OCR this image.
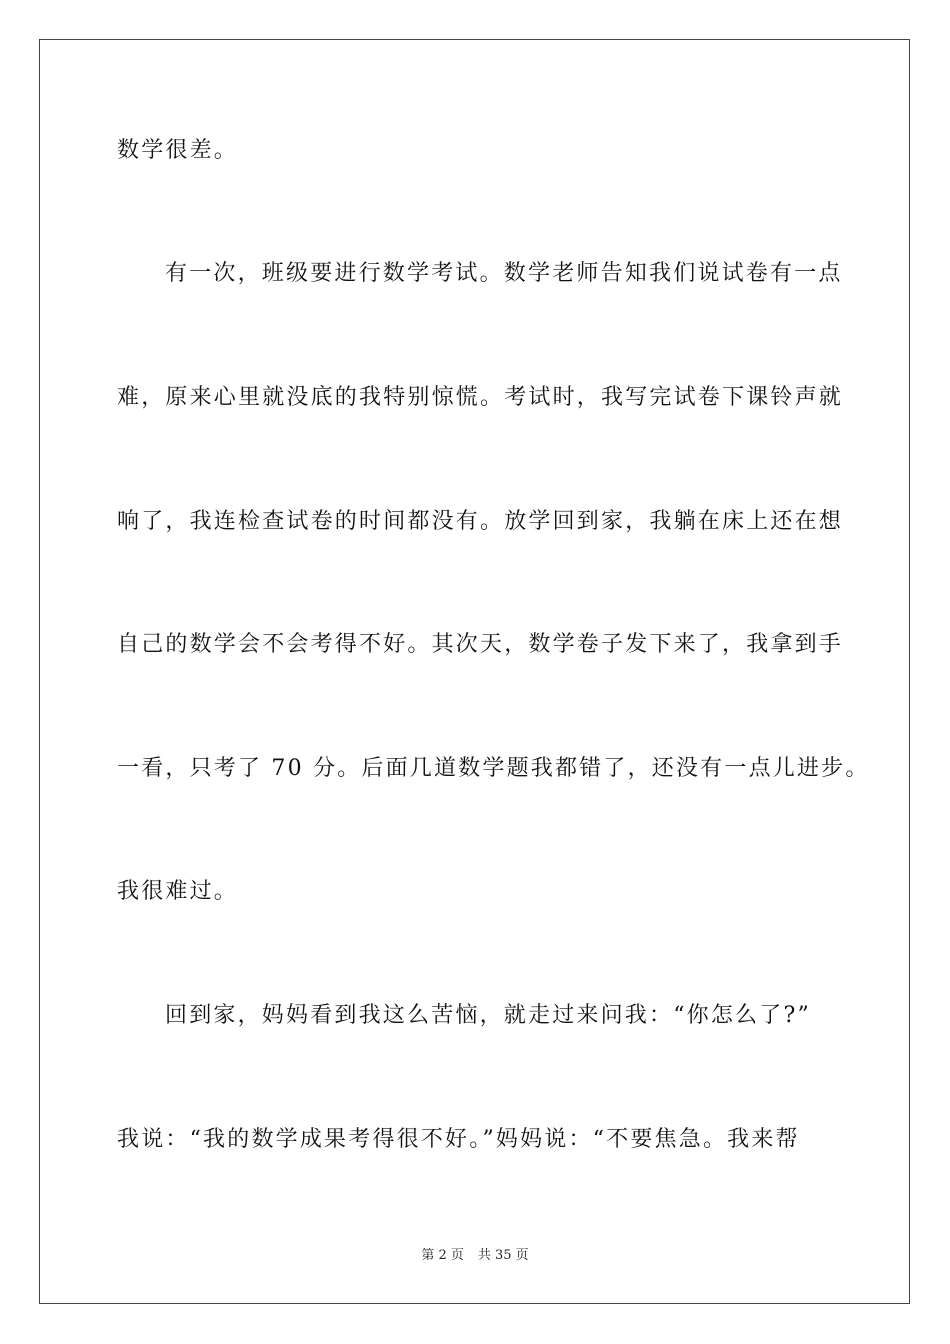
数学很差。
有一次，班级要进行数学考试。数学老师告知我们说试卷有一点
难，原来心里就没底的我特别惊慌。考试时，我写完试卷下课铃声就
响了，我连检查试卷的时间都没有。放学回到家，我躺在床上还在想
自己的数学会不会考得不好。其次天，数学卷子发下来了，我拿到手
一看，只考了 70 分。后面几道数学题我都错了，还没有一点儿进步。
我很难过。
回到家，妈妈看到我这么苦恼，就走过来问我：“你怎么了?”
我说：“我的数学成果考得很不好。”妈妈说：“不要焦急。我来帮
第 2 页 共 35 页
